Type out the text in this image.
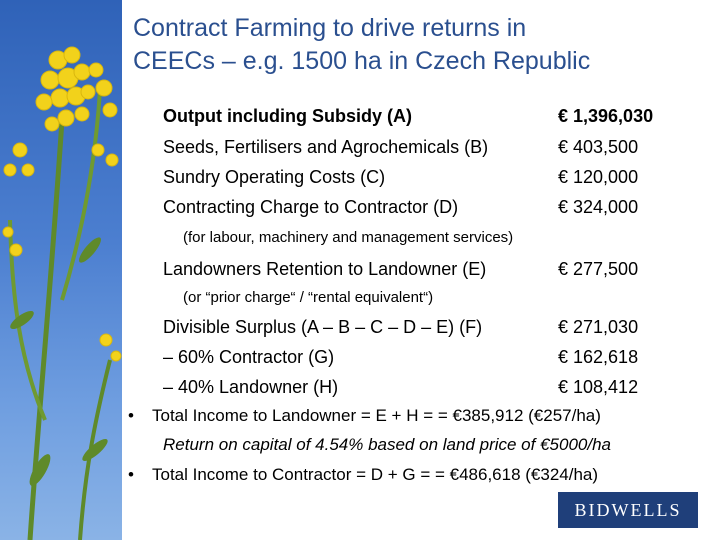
Contract Farming to drive returns in
CEECs – e.g. 1500 ha in Czech Republic
Output including Subsidy (A)	€ 1,396,030
Seeds, Fertilisers and Agrochemicals (B)	€ 403,500
Sundry Operating Costs (C)	€ 120,000
Contracting Charge to Contractor (D)	€ 324,000
(for labour, machinery and management services)
Landowners Retention to Landowner (E)	€ 277,500
(or “prior charge“ / “rental equivalent“)
Divisible Surplus (A – B – C – D – E) (F)	€ 271,030
– 60% Contractor (G)	€ 162,618
– 40% Landowner (H)	€ 108,412
• Total Income to Landowner = E + H = = €385,912 (€257/ha)
Return on capital of 4.54% based on land price of €5000/ha
• Total Income to Contractor = D + G = = €486,618 (€324/ha)
BIDWELLS
